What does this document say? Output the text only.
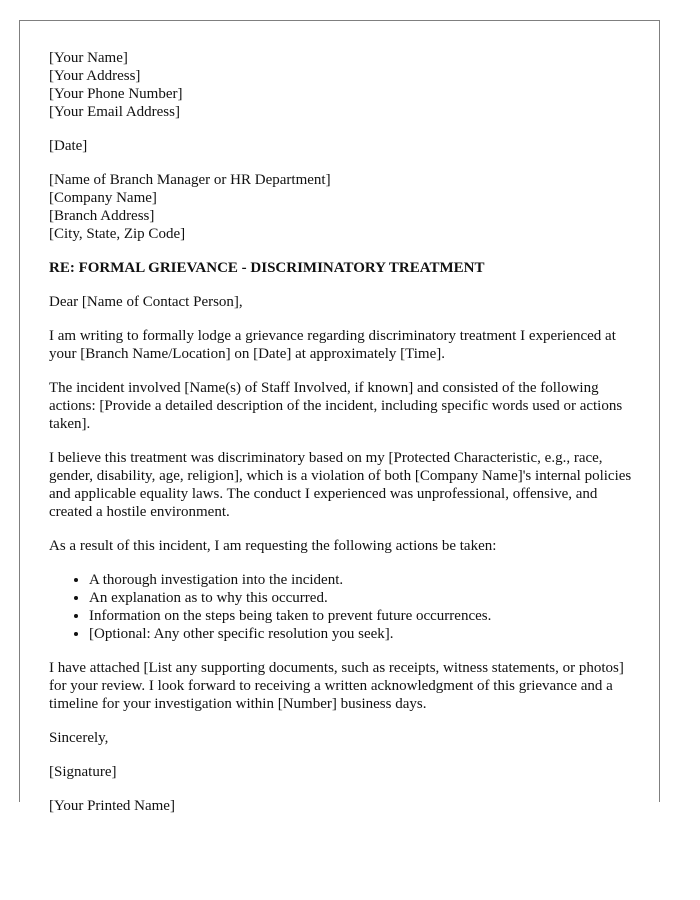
[Your Name]
[Your Address]
[Your Phone Number]
[Your Email Address]
[Date]
[Name of Branch Manager or HR Department]
[Company Name]
[Branch Address]
[City, State, Zip Code]
RE: FORMAL GRIEVANCE - DISCRIMINATORY TREATMENT

Dear [Name of Contact Person],

I am writing to formally lodge a grievance regarding discriminatory treatment I experienced at your [Branch Name/Location] on [Date] at approximately [Time].

The incident involved [Name(s) of Staff Involved, if known] and consisted of the following actions: [Provide a detailed description of the incident, including specific words used or actions taken].

I believe this treatment was discriminatory based on my [Protected Characteristic, e.g., race, gender, disability, age, religion], which is a violation of both [Company Name]'s internal policies and applicable equality laws. The conduct I experienced was unprofessional, offensive, and created a hostile environment.

As a result of this incident, I am requesting the following actions be taken:

• A thorough investigation into the incident.
• An explanation as to why this occurred.
• Information on the steps being taken to prevent future occurrences.
• [Optional: Any other specific resolution you seek].

I have attached [List any supporting documents, such as receipts, witness statements, or photos] for your review. I look forward to receiving a written acknowledgment of this grievance and a timeline for your investigation within [Number] business days.

Sincerely,

[Signature]

[Your Printed Name]
